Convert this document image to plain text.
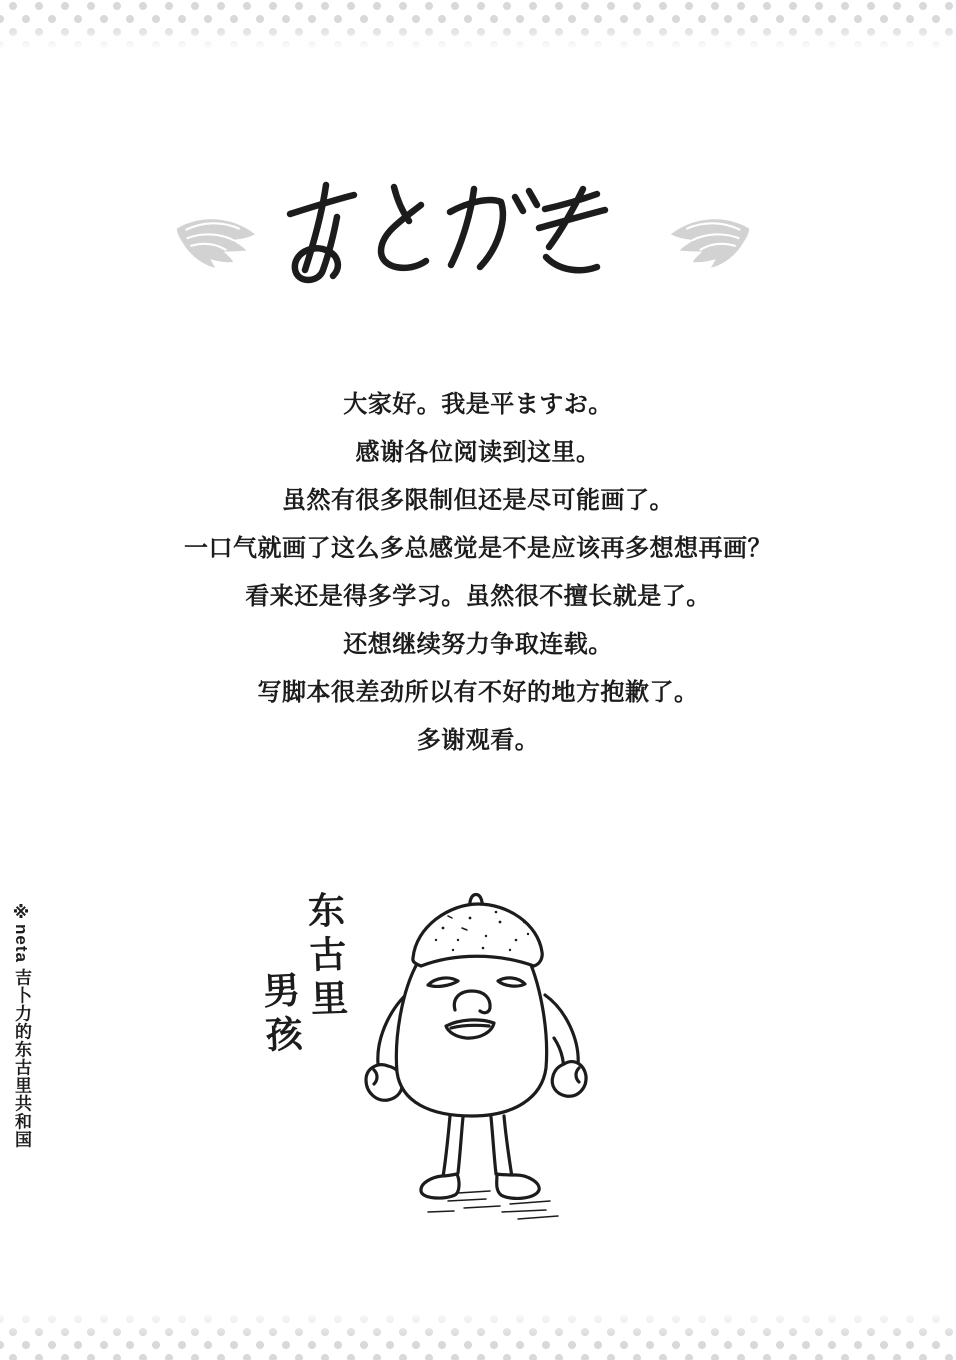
大家好。我是平ますお。
感谢各位阅读到这里。
虽然有很多限制但还是尽可能画了。
一口气就画了这么多总感觉是不是应该再多想想再画？
看来还是得多学习。虽然很不擅长就是了。
还想继续努力争取连载。
写脚本很差劲所以有不好的地方抱歉了。
多谢观看。
※neta 吉卜力的东古里共和国	东古里
男孩
